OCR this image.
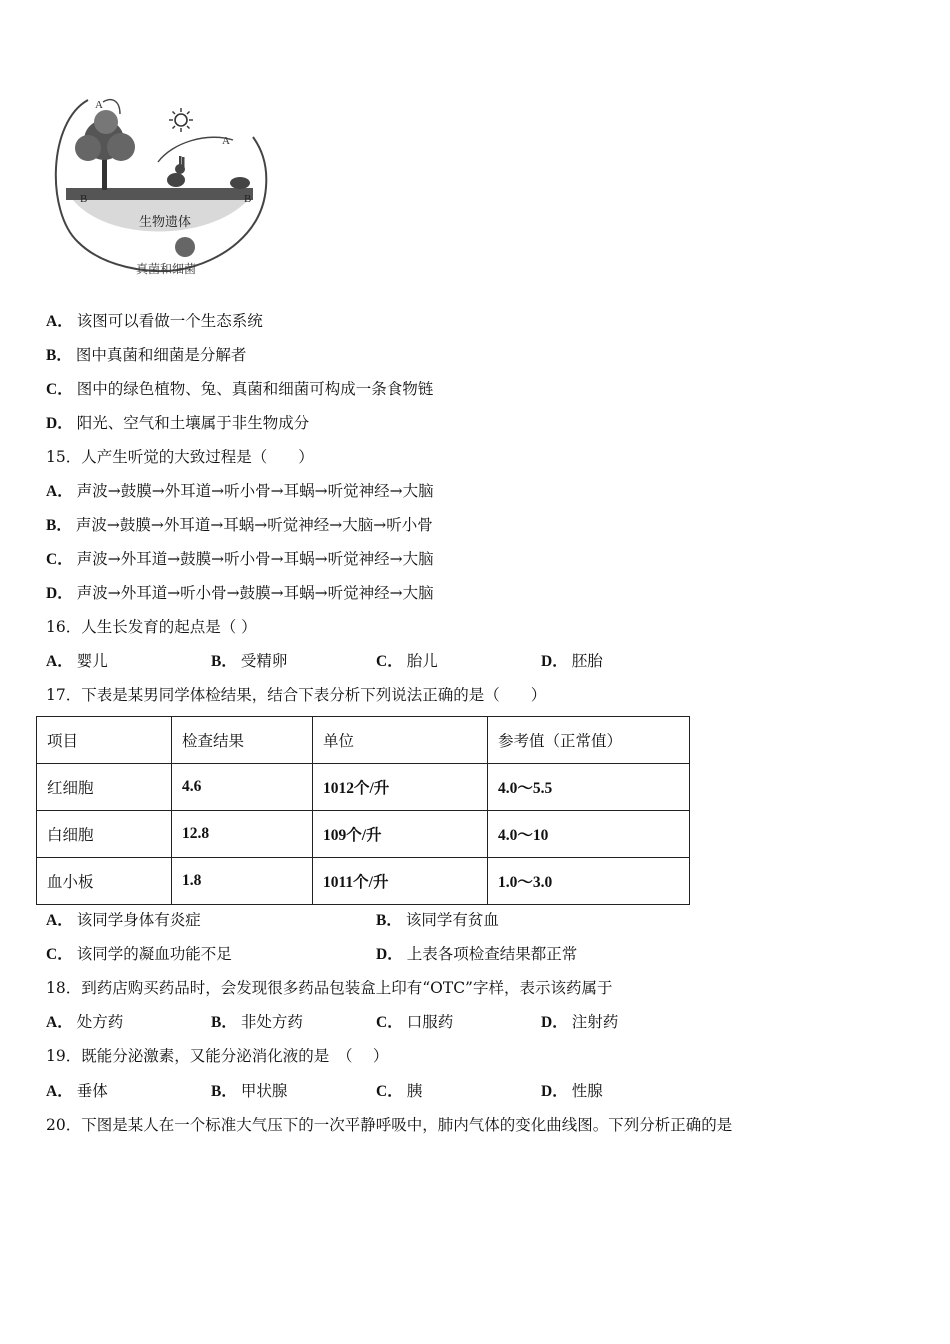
A
A
B	B
生物遗体
真菌和细菌
A． 该图可以看做一个生态系统
B． 图中真菌和细菌是分解者
C． 图中的绿色植物、兔、真菌和细菌可构成一条食物链
D． 阳光、空气和土壤属于非生物成分
15．人产生听觉的大致过程是（　　）
A． 声波→鼓膜→外耳道→听小骨→耳蜗→听觉神经→大脑
B． 声波→鼓膜→外耳道→耳蜗→听觉神经→大脑→听小骨
C． 声波→外耳道→鼓膜→听小骨→耳蜗→听觉神经→大脑
D． 声波→外耳道→听小骨→鼓膜→耳蜗→听觉神经→大脑
16．人生长发育的起点是（ ）
A． 婴儿	B． 受精卵	C． 胎儿	D． 胚胎
17．下表是某男同学体检结果，结合下表分析下列说法正确的是（　　）
项目	检查结果	单位	参考值（正常值）
红细胞	4.6	1012个/升	4.0～5.5
白细胞	12.8	109个/升	4.0～10
血小板	1.8	1011个/升	1.0～3.0
A． 该同学身体有炎症	B． 该同学有贫血
C． 该同学的凝血功能不足	D． 上表各项检查结果都正常
18．到药店购买药品时，会发现很多药品包装盒上印有“OTC”字样，表示该药属于
A． 处方药	B． 非处方药	C． 口服药	D． 注射药
19．既能分泌激素，又能分泌消化液的是　（　 ）
A． 垂体	B． 甲状腺	C． 胰	D． 性腺
20．下图是某人在一个标准大气压下的一次平静呼吸中，肺内气体的变化曲线图。下列分析正确的是
